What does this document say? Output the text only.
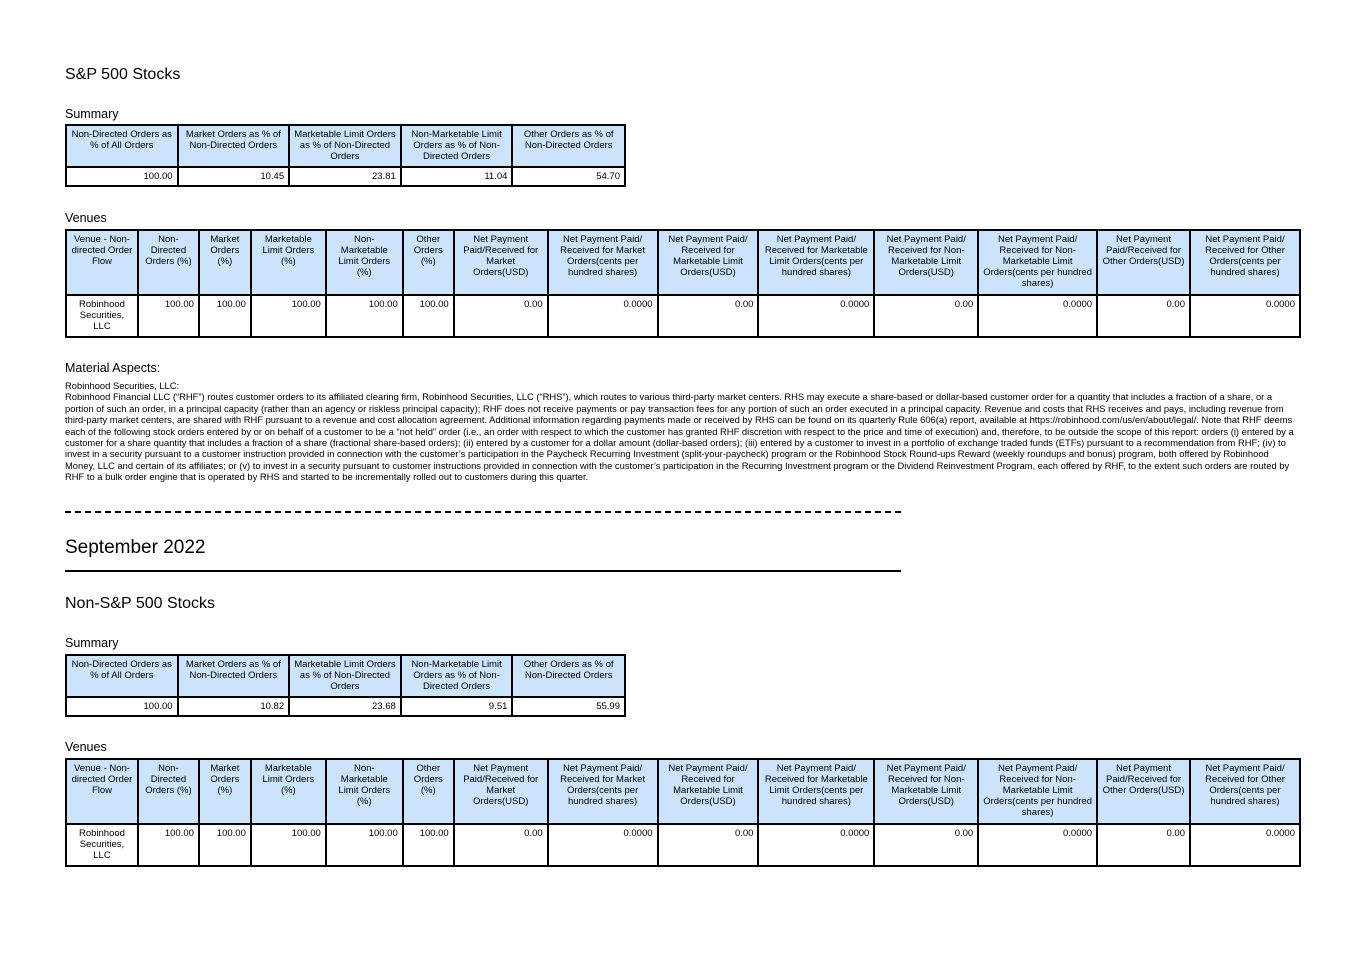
S&P 500 Stocks
Summary
Non-Directed Orders as % of All Orders	Market Orders as % of Non-Directed Orders	Marketable Limit Orders as % of Non-Directed Orders	Non-Marketable Limit Orders as % of Non-Directed Orders	Other Orders as % of Non-Directed Orders
100.00	10.45	23.81	11.04	54.70
Venues
Venue - Non-directed Order Flow	Non-Directed Orders (%)	Market Orders (%)	Marketable Limit Orders (%)	Non-Marketable Limit Orders (%)	Other Orders (%)	Net Payment Paid/Received for Market Orders(USD)	Net Payment Paid/ Received for Market Orders(cents per hundred shares)	Net Payment Paid/ Received for Marketable Limit Orders(USD)	Net Payment Paid/ Received for Marketable Limit Orders(cents per hundred shares)	Net Payment Paid/ Received for Non-Marketable Limit Orders(USD)	Net Payment Paid/ Received for Non-Marketable Limit Orders(cents per hundred shares)	Net Payment Paid/Received for Other Orders(USD)	Net Payment Paid/ Received for Other Orders(cents per hundred shares)
Robinhood Securities, LLC	100.00	100.00	100.00	100.00	100.00	0.00	0.0000	0.00	0.0000	0.00	0.0000	0.00	0.0000
Material Aspects:

Robinhood Securities, LLC:

Robinhood Financial LLC (“RHF”) routes customer orders to its affiliated clearing firm, Robinhood Securities, LLC (“RHS”), which routes to various third-party market centers. RHS may execute a share-based or dollar-based customer order for a quantity that includes a fraction of a share, or a portion of such an order, in a principal capacity (rather than an agency or riskless principal capacity); RHF does not receive payments or pay transaction fees for any portion of such an order executed in a principal capacity. Revenue and costs that RHS receives and pays, including revenue from third-party market centers, are shared with RHF pursuant to a revenue and cost allocation agreement. Additional information regarding payments made or received by RHS can be found on its quarterly Rule 606(a) report, available at https://robinhood.com/us/en/about/legal/. Note that RHF deems each of the following stock orders entered by or on behalf of a customer to be a “not held” order (i.e., an order with respect to which the customer has granted RHF discretion with respect to the price and time of execution) and, therefore, to be outside the scope of this report: orders (i) entered by a customer for a share quantity that includes a fraction of a share (fractional share-based orders); (ii) entered by a customer for a dollar amount (dollar-based orders); (iii) entered by a customer to invest in a portfolio of exchange traded funds (ETFs) pursuant to a recommendation from RHF; (iv) to invest in a security pursuant to a customer instruction provided in connection with the customer’s participation in the Paycheck Recurring Investment (split-your-paycheck) program or the Robinhood Stock Round-ups Reward (weekly roundups and bonus) program, both offered by Robinhood Money, LLC and certain of its affiliates; or (v) to invest in a security pursuant to customer instructions provided in connection with the customer’s participation in the Recurring Investment program or the Dividend Reinvestment Program, each offered by RHF, to the extent such orders are routed by RHF to a bulk order engine that is operated by RHS and started to be incrementally rolled out to customers during this quarter.

September 2022
Non-S&P 500 Stocks
Summary
Non-Directed Orders as % of All Orders	Market Orders as % of Non-Directed Orders	Marketable Limit Orders as % of Non-Directed Orders	Non-Marketable Limit Orders as % of Non-Directed Orders	Other Orders as % of Non-Directed Orders
100.00	10.82	23.68	9.51	55.99
Venues
Venue - Non-directed Order Flow	Non-Directed Orders (%)	Market Orders (%)	Marketable Limit Orders (%)	Non-Marketable Limit Orders (%)	Other Orders (%)	Net Payment Paid/Received for Market Orders(USD)	Net Payment Paid/ Received for Market Orders(cents per hundred shares)	Net Payment Paid/ Received for Marketable Limit Orders(USD)	Net Payment Paid/ Received for Marketable Limit Orders(cents per hundred shares)	Net Payment Paid/ Received for Non-Marketable Limit Orders(USD)	Net Payment Paid/ Received for Non-Marketable Limit Orders(cents per hundred shares)	Net Payment Paid/Received for Other Orders(USD)	Net Payment Paid/ Received for Other Orders(cents per hundred shares)
Robinhood Securities, LLC	100.00	100.00	100.00	100.00	100.00	0.00	0.0000	0.00	0.0000	0.00	0.0000	0.00	0.0000
